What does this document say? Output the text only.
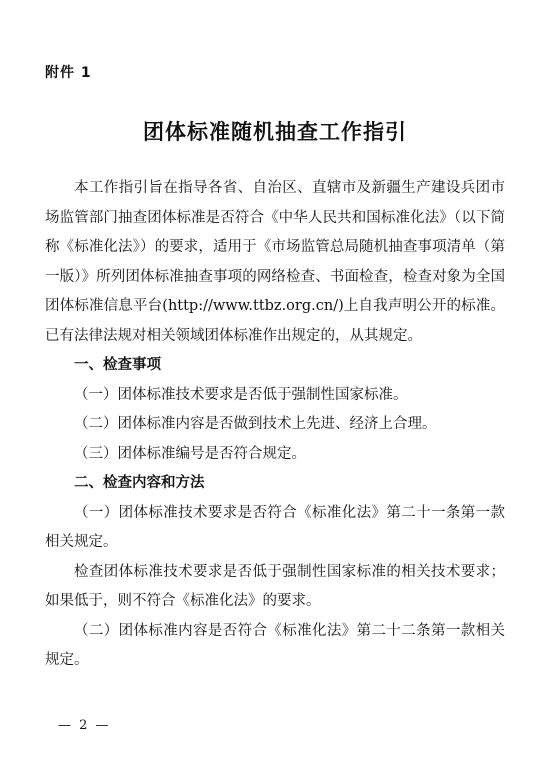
附件 1
团体标准随机抽查工作指引

本工作指引旨在指导各省、自治区、直辖市及新疆生产建设兵团市场监管部门抽查团体标准是否符合《中华人民共和国标准化法》（以下简称《标准化法》）的要求，适用于《市场监管总局随机抽查事项清单（第一版）》所列团体标准抽查事项的网络检查、书面检查，检查对象为全国团体标准信息平台(http://www.ttbz.org.cn/)上自我声明公开的标准。已有法律法规对相关领域团体标准作出规定的，从其规定。

一、检查事项

（一）团体标准技术要求是否低于强制性国家标准。

（二）团体标准内容是否做到技术上先进、经济上合理。

（三）团体标准编号是否符合规定。

二、检查内容和方法

（一）团体标准技术要求是否符合《标准化法》第二十一条第一款相关规定。

检查团体标准技术要求是否低于强制性国家标准的相关技术要求；如果低于，则不符合《标准化法》的要求。

（二）团体标准内容是否符合《标准化法》第二十二条第一款相关规定。

— 2 —
